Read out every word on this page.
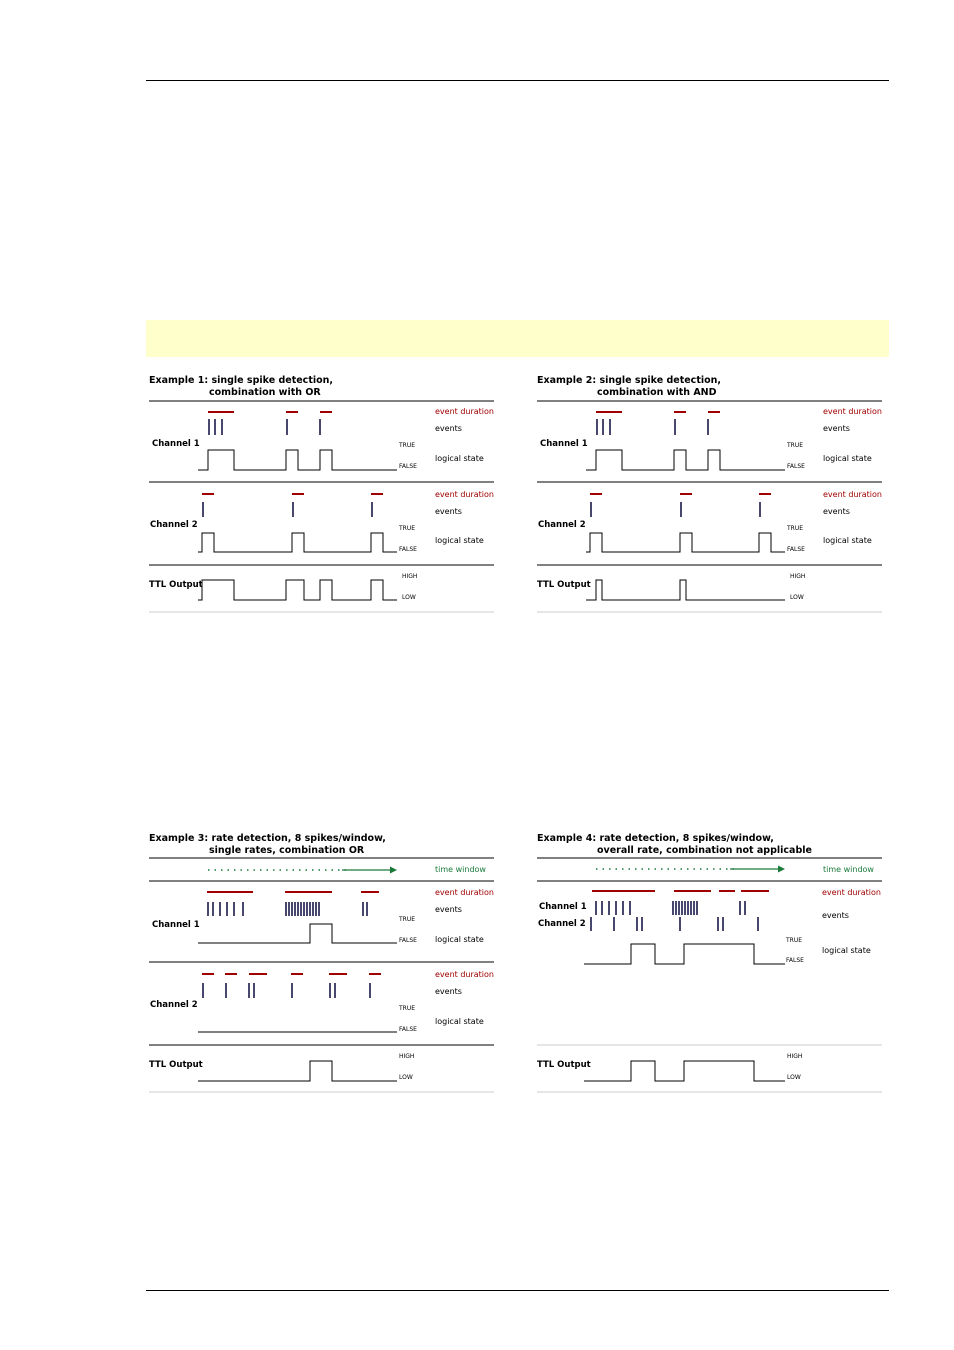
Example 1: single spike detection,
combination with OR
Channel 1
Channel 2
TTL Output
event duration
events
logical state
event duration
events
logical state
TRUE
FALSE
TRUE
FALSE
HIGH
LOW
Example 2: single spike detection,
combination with AND
Channel 1
Channel 2
TTL Output
event duration
events
logical state
event duration
events
logical state
TRUE
FALSE
TRUE
FALSE
HIGH
LOW
Example 3: rate detection, 8 spikes/window,
single rates, combination OR
time window
Channel 1
Channel 2
TTL Output
event duration
events
logical state
event duration
events
logical state
TRUE
FALSE
TRUE
FALSE
HIGH
LOW
Example 4: rate detection, 8 spikes/window,
overall rate, combination not applicable
time window
event duration
events
logical state
Channel 1
Channel 2
TTL Output
TRUE
FALSE
HIGH
LOW
